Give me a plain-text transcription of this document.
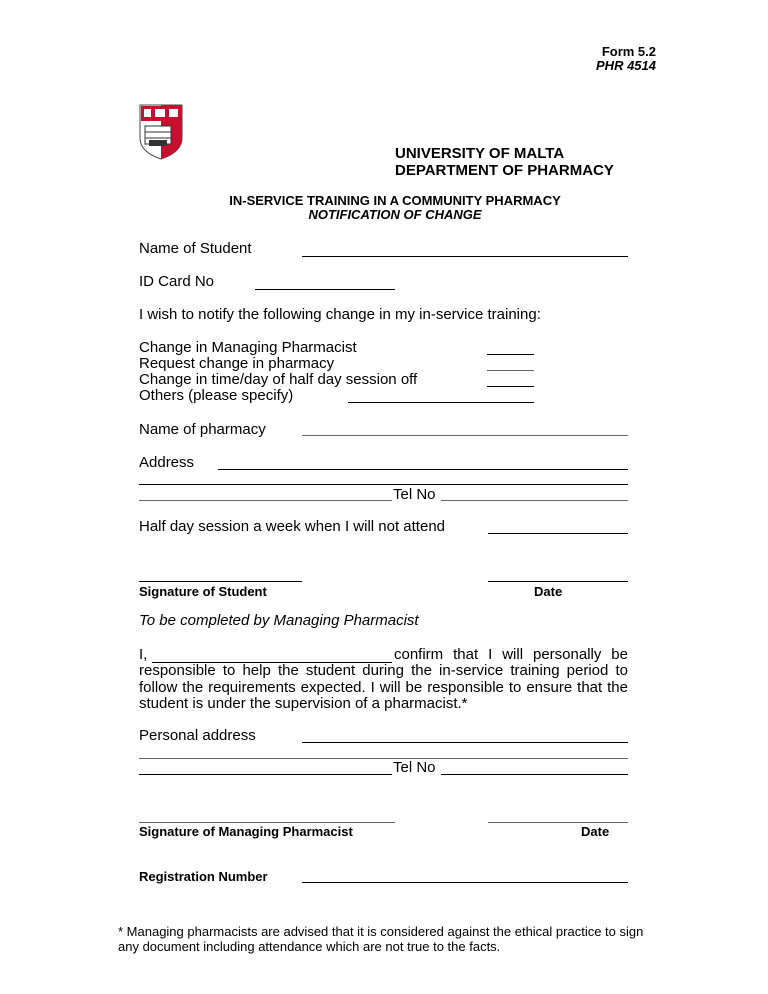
Form 5.2
PHR 4514
UNIVERSITY OF MALTA
DEPARTMENT OF PHARMACY
IN-SERVICE TRAINING IN A COMMUNITY PHARMACY
NOTIFICATION OF CHANGE
Name of Student
ID Card No
I wish to notify the following change in my in-service training:
Change in Managing Pharmacist
Request change in pharmacy
Change in time/day of half day session off
Others (please specify)
Name of pharmacy
Address
Tel No
Half day session a week when I will not attend
Signature of Student	Date
To be completed by Managing Pharmacist
I,	confirm that I will personally be
responsible to help the student during the in-service training period to follow the requirements expected. I will be responsible to ensure that the student is under the supervision of a pharmacist.*
Personal address
Tel No
Signature of Managing Pharmacist	Date
Registration Number
* Managing pharmacists are advised that it is considered against the ethical practice to sign any document including attendance which are not true to the facts.
